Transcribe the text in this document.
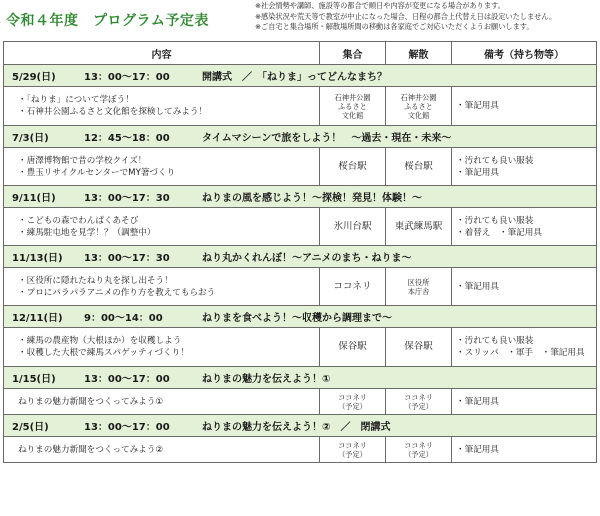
令和４年度　プログラム予定表
※社会情勢や講師、施設等の都合で順日や内容が変更になる場合があります。
※感染状況や荒天等で教室が中止になった場合、日程の都合上代替え日は設定いたしません。
※ご自宅と集合場所・解散場所間の移動は各家庭でご対応いただくようお願いします。
内容	集合	解散	備考（持ち物等）
5/29(日) 13：00～17：00 開講式　／　「ねりま」ってどんなまち？			

・「ねりま」について学ぼう！
・石神井公園ふるさと文化館を探検してみよう！	石神井公園
ふるさと
文化館	石神井公園
ふるさと
文化館	・筆記用具

7/3(日) 12：45～18：00 タイムマシーンで旅をしよう！　～過去・現在・未来～			

・唐澤博物館で昔の学校クイズ！
・豊玉リサイクルセンターでMY箸づくり	桜台駅	桜台駅	・汚れても良い服装
・筆記用具

9/11(日) 13：00～17：30 ねりまの風を感じよう！～探検！発見！体験！～			

・こどもの森でわんぱくあそび
・練馬駐屯地を見学！？（調整中）	氷川台駅	東武練馬駅	・汚れても良い服装
・着替え　・筆記用具

11/13(日) 13：00～17：30 ねり丸かくれんぼ！～アニメのまち・ねりま～			

・区役所に隠れたねり丸を探し出そう！
・プロにパラパラアニメの作り方を教えてもらおう	ココネリ	区役所
本庁舎	・筆記用具

12/11(日) 9：00～14：00 ねりまを食べよう！～収穫から調理まで～			

・練馬の農産物（大根ほか）を収穫しよう
・収穫した大根で練馬スパゲッティづくり！	保谷駅	保谷駅	・汚れても良い服装
・スリッパ　・軍手　・筆記用具

1/15(日) 13：00～17：00 ねりまの魅力を伝えよう！①			

ねりまの魅力新聞をつくってみよう①	ココネリ
（予定）	ココネリ
（予定）	・筆記用具

2/5(日) 13：00～17：00 ねりまの魅力を伝えよう！②　／　閉講式			

ねりまの魅力新聞をつくってみよう②	ココネリ
（予定）	ココネリ
（予定）	・筆記用具
